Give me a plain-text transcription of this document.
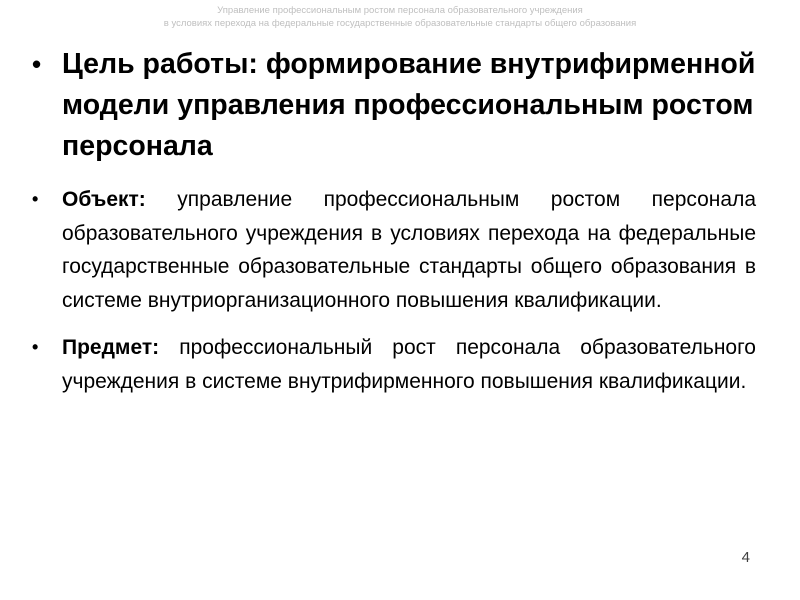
Управление профессиональным ростом персонала образовательного учреждения
в условиях перехода на федеральные государственные образовательные стандарты общего образования
• Цель работы: формирование внутрифирменной модели управления профессиональным ростом персонала
• Объект: управление профессиональным ростом персонала образовательного учреждения в условиях перехода на федеральные государственные образовательные стандарты общего образования в системе внутриорганизационного повышения квалификации.
• Предмет: профессиональный рост персонала образовательного учреждения в системе внутрифирменного повышения квалификации.
4
